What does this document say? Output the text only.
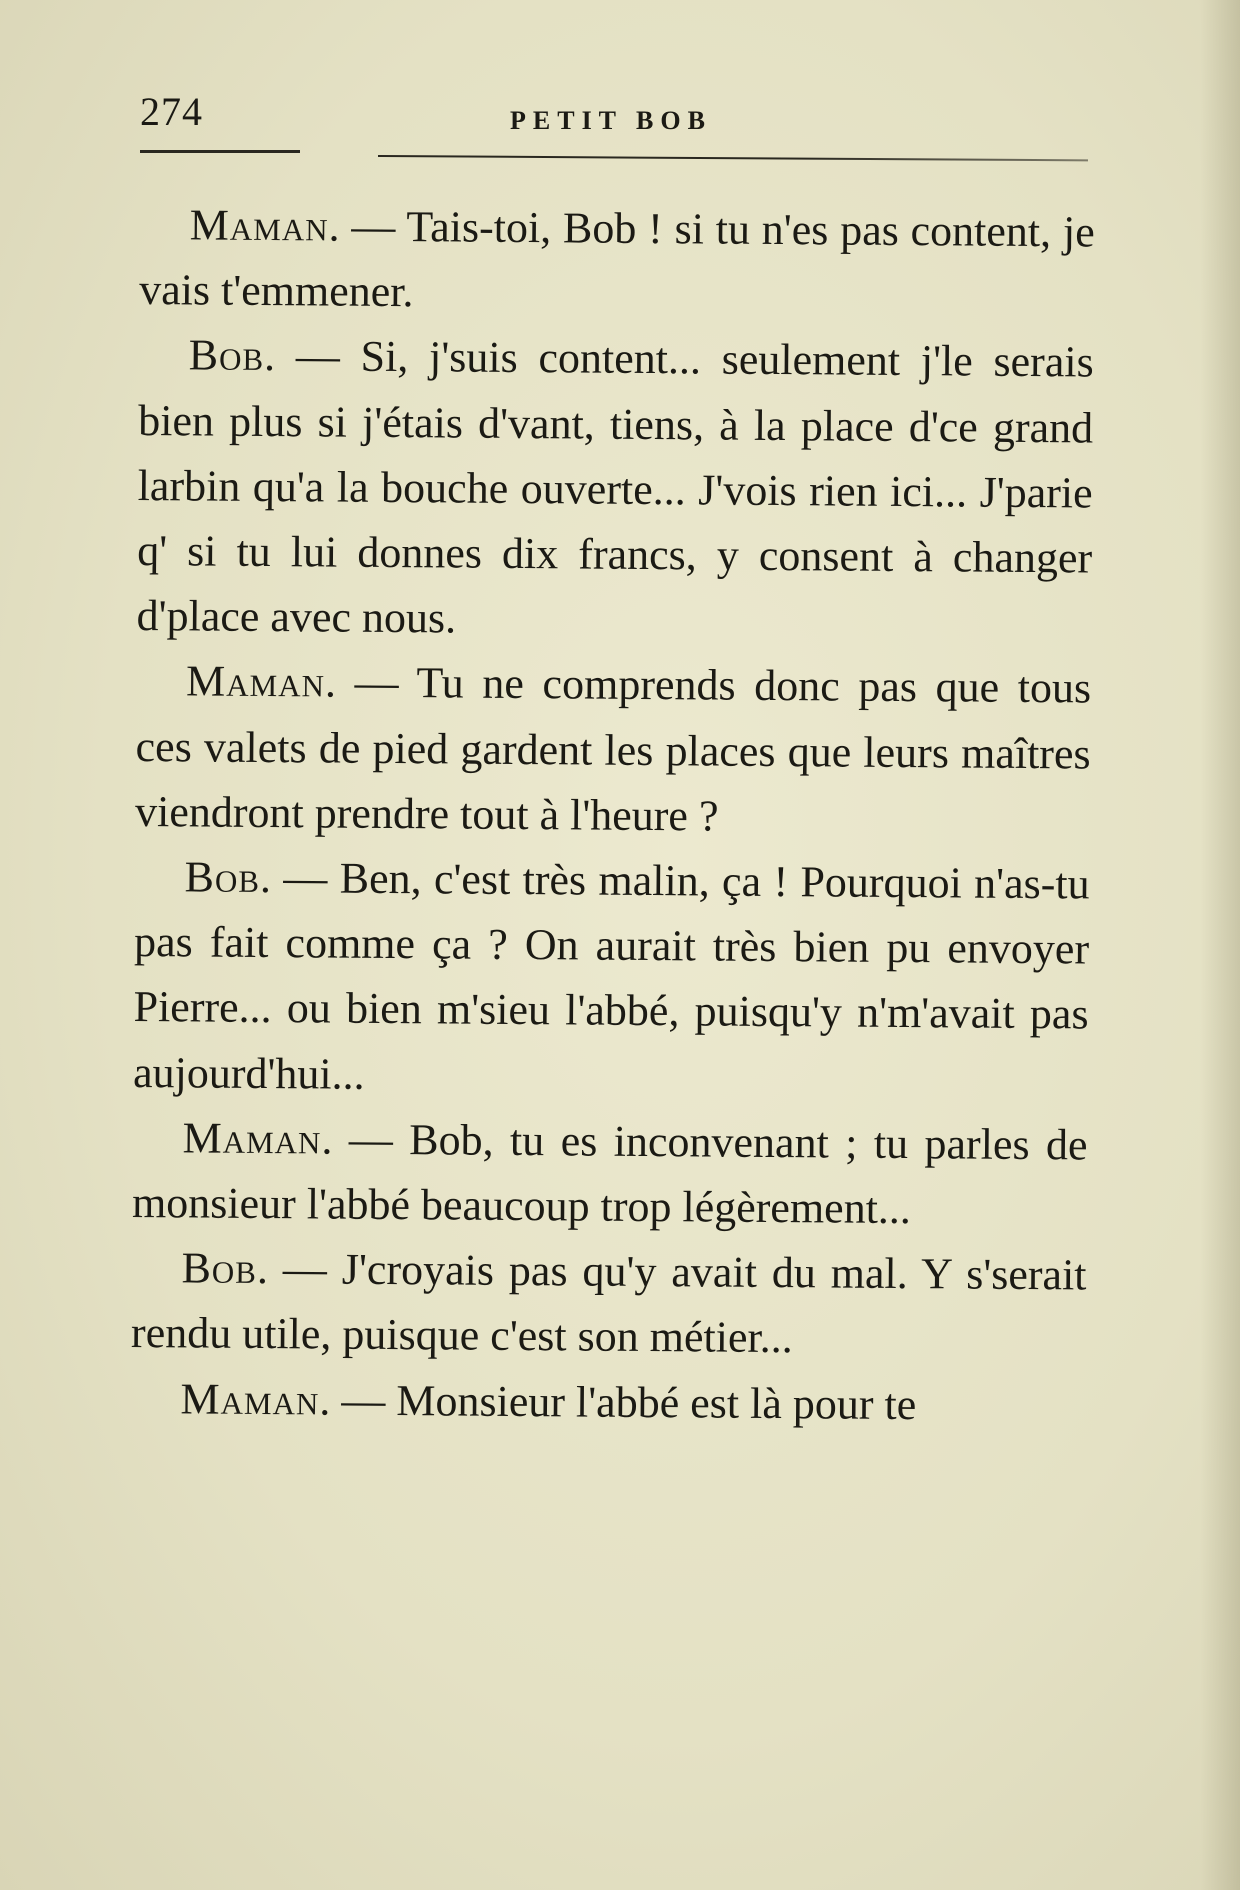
274	PETIT BOB

Maman. — Tais-toi, Bob ! si tu n'es pas content, je vais t'emmener.

Bob. — Si, j'suis content... seulement j'le serais bien plus si j'étais d'vant, tiens, à la place d'ce grand larbin qu'a la bouche ouverte... J'vois rien ici... J'parie q' si tu lui donnes dix francs, y consent à changer d'place avec nous.

Maman. — Tu ne comprends donc pas que tous ces valets de pied gardent les places que leurs maîtres viendront prendre tout à l'heure ?

Bob. — Ben, c'est très malin, ça ! Pourquoi n'as-tu pas fait comme ça ? On aurait très bien pu envoyer Pierre... ou bien m'sieu l'abbé, puisqu'y n'm'avait pas aujourd'hui...

Maman. — Bob, tu es inconvenant ; tu parles de monsieur l'abbé beaucoup trop légèrement...

Bob. — J'croyais pas qu'y avait du mal. Y s'serait rendu utile, puisque c'est son métier...

Maman. — Monsieur l'abbé est là pour te
